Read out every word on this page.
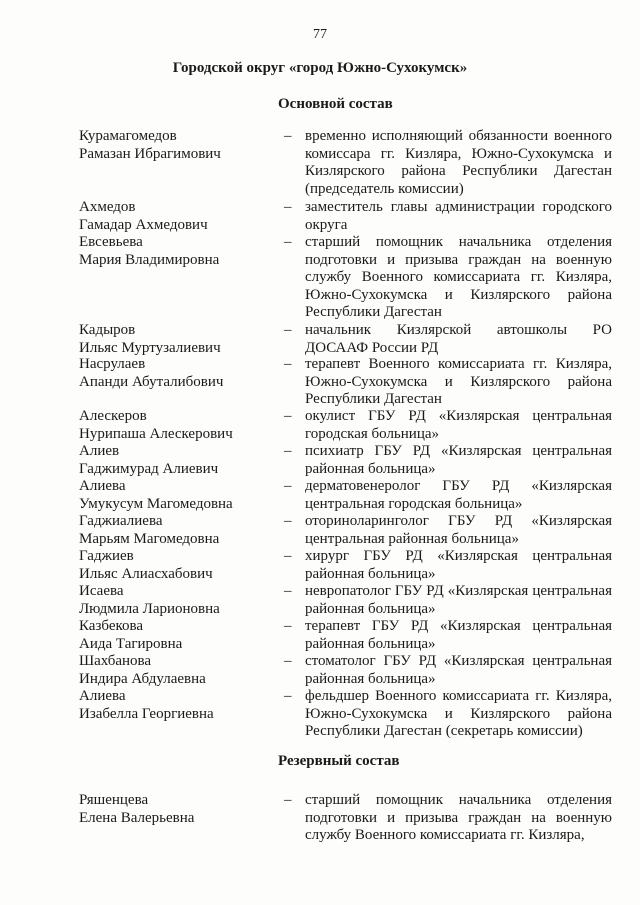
77
Городской округ «город Южно-Сухокумск»
Основной состав
Курамагомедов
Рамазан Ибрагимович
– временно исполняющий обязанности военного комиссара гг. Кизляра, Южно-Сухокумска и Кизлярского района Республики Дагестан (председатель комиссии)
Ахмедов
Гамадар Ахмедович
– заместитель главы администрации городского округа
Евсевьева
Мария Владимировна
– старший помощник начальника отделения подготовки и призыва граждан на военную службу Военного комиссариата гг. Кизляра, Южно-Сухокумска и Кизлярского района Республики Дагестан
Кадыров
Ильяс Муртузалиевич
– начальник Кизлярской автошколы РО ДОСААФ России РД
Насрулаев
Апанди Абуталибович
– терапевт Военного комиссариата гг. Кизляра, Южно-Сухокумска и Кизлярского района Республики Дагестан
Алескеров
Нурипаша Алескерович
– окулист ГБУ РД «Кизлярская центральная городская больница»
Алиев
Гаджимурад Алиевич
– психиатр ГБУ РД «Кизлярская центральная районная больница»
Алиева
Умукусум Магомедовна
– дерматовенеролог ГБУ РД «Кизлярская центральная городская больница»
Гаджиалиева
Марьям Магомедовна
– оториноларинголог ГБУ РД «Кизлярская центральная районная больница»
Гаджиев
Ильяс Алиасхабович
– хирург ГБУ РД «Кизлярская центральная районная больница»
Исаева
Людмила Ларионовна
– невропатолог ГБУ РД «Кизлярская центральная районная больница»
Казбекова
Аида Тагировна
– терапевт ГБУ РД «Кизлярская центральная районная больница»
Шахбанова
Индира Абдулаевна
– стоматолог ГБУ РД «Кизлярская центральная районная больница»
Алиева
Изабелла Георгиевна
– фельдшер Военного комиссариата гг. Кизляра, Южно-Сухокумска и Кизлярского района Республики Дагестан (секретарь комиссии)
Резервный состав
Ряшенцева
Елена Валерьевна
– старший помощник начальника отделения подготовки и призыва граждан на военную службу Военного комиссариата гг. Кизляра,
